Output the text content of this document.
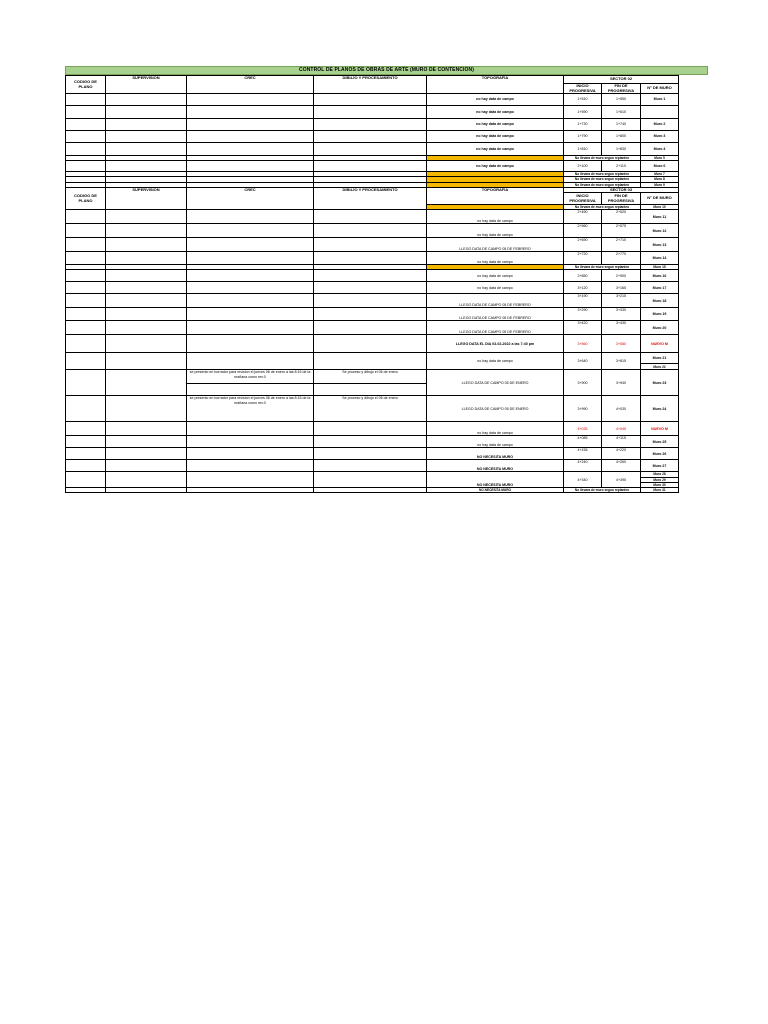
CONTROL DE PLANOS DE OBRAS DE ARTE (MURO DE CONTENCION)
CODIGO DE PLANO	SUPERVISION	CREC	DIBUJO Y PROCESAMIENTO	TOPOGRAFIA	SECTOR 02			
					INICIO PROGRESIVA	FIN DE PROGRESIVA	N° DE MURO	
				no hay data de campo	1+510	1+550	Muro 1	
				no hay data de campo	1+590	1+610		
				no hay data de campo	1+730	1+740	Muro 2	
				no hay data de campo	1+790	1+800	Muro 3	
				no hay data de campo	1+810	1+830	Muro 4	
					No llevara de muro segun replanteo		Muro 5	
				no hay data de campo	2+100	2+110	Muro 6	
					No llevara de muro segun replanteo		Muro 7	
					No llevara de muro segun replanteo		Muro 8	
					No llevara de muro segun replanteo		Muro 9	
CODIGO DE PLANO	SUPERVISION	CREC	DIBUJO Y PROCESAMIENTO	TOPOGRAFIA	SECTOR 03			
					INICIO PROGRESIVA	FIN DE PROGRESIVA	N° DE MURO	
					No llevara de muro segun replanteo		Muro 10	
				no hay data de campo	2+490	2+520	Muro 11	
				no hay data de campo	2+560	2+575	Muro 12	
				LLEGO DATA DE CAMPO 05 DE FEBRERO	2+690	2+710	Muro 13	
				no hay data de campo	2+720	2+770	Muro 14	
					No llevara de muro segun replanteo		Muro 15	
				no hay data de campo	2+850	2+900	Muro 16	
				no hay data de campo	3+120	3+165	Muro 17	
				LLEGO DATA DE CAMPO 05 DE FEBRERO	3+190	3+215	Muro 18	
				LLEGO DATA DE CAMPO 05 DE FEBRERO	3+290	3+330	Muro 19	
				LLEGO DATA DE CAMPO 05 DE FEBRERO	3+420	3+430	Muro 20	
				LLEGO DATA EL DIA 03-02-2022 a las 7:40 pm	3+560	3+580	NUEVO M	
				no hay data de campo	3+640	3+815	Muro 21	
							Muro 22	
		se presento en borrador para revision el jueves 06 de enero a las 8:15 de la mañana como rev.0	Se proceso y dibujo el 06 de enero	LLEGO DATA DE CAMPO 05 DE ENERO	3+900	3+940	Muro 23	

		se presento en borrador para revision el jueves 06 de enero a las 8:15 de la mañana como rev.0	Se proceso y dibujo el 06 de enero	LLEGO DATA DE CAMPO 05 DE ENERO	3+990	4+030	Muro 24	
				no hay data de campo	4+035	4+045	NUEVO M	
				no hay data de campo	4+085	4+115	Muro 25	
				NO NECESITA MURO	4+155	4+220	Muro 26	
				NO NECESITA MURO	4+240	4+260	Muro 27	
				NO NECESITA MURO	4+340	4+395	Muro 28	
							Muro 29	
							Muro 30	
				NO NECESITA MURO	No llevara de muro segun replanteo		Muro 31	
